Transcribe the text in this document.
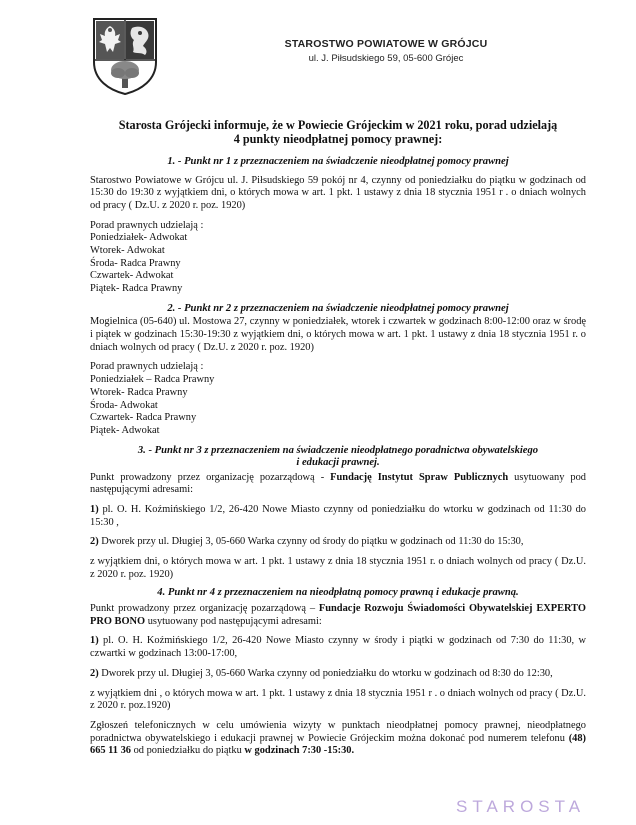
STAROSTWO POWIATOWE W GRÓJCU
ul. J. Piłsudskiego 59, 05-600 Grójec
Starosta Grójecki informuje, że w Powiecie Grójeckim w 2021 roku, porad udzielają
4 punkty nieodpłatnej pomocy prawnej:
1. - Punkt nr 1 z przeznaczeniem na świadczenie nieodpłatnej pomocy prawnej

Starostwo Powiatowe w Grójcu ul. J. Piłsudskiego 59 pokój nr 4, czynny od poniedziałku do piątku w godzinach od 15:30 do 19:30 z wyjątkiem dni, o których mowa w art. 1 pkt. 1 ustawy z dnia 18 stycznia 1951 r . o dniach wolnych od pracy ( Dz.U. z 2020 r. poz. 1920)

Porad prawnych udzielają :
Poniedziałek- Adwokat
Wtorek- Adwokat
Środa- Radca Prawny
Czwartek- Adwokat
Piątek- Radca Prawny
2. - Punkt nr 2 z przeznaczeniem na świadczenie nieodpłatnej pomocy prawnej

Mogielnica (05-640) ul. Mostowa 27, czynny w poniedziałek, wtorek i czwartek w godzinach 8:00-12:00 oraz w środę i piątek w godzinach 15:30-19:30 z wyjątkiem dni, o których mowa w art. 1 pkt. 1 ustawy z dnia 18 stycznia 1951 r. o dniach wolnych od pracy ( Dz.U. z 2020 r. poz. 1920)

Porad prawnych udzielają :
Poniedziałek – Radca Prawny
Wtorek- Radca Prawny
Środa- Adwokat
Czwartek- Radca Prawny
Piątek- Adwokat
3. - Punkt nr 3 z przeznaczeniem na świadczenie nieodpłatnego poradnictwa obywatelskiego
i edukacji prawnej.

Punkt prowadzony przez organizację pozarządową - Fundację Instytut Spraw Publicznych usytuowany pod następującymi adresami:

1) pl. O. H. Koźmińskiego 1/2, 26-420 Nowe Miasto czynny od poniedziałku do wtorku w godzinach od 11:30 do 15:30 ,

2) Dworek przy ul. Długiej 3, 05-660 Warka czynny od środy do piątku w godzinach od 11:30 do 15:30,

z wyjątkiem dni, o których mowa w art. 1 pkt. 1 ustawy z dnia 18 stycznia 1951 r. o dniach wolnych od pracy ( Dz.U. z 2020 r. poz. 1920)

4. Punkt nr 4 z przeznaczeniem na nieodpłatną pomocy prawną i edukacje prawną.

Punkt prowadzony przez organizację pozarządową – Fundacje Rozwoju Świadomości Obywatelskiej EXPERTO PRO BONO usytuowany pod następującymi adresami:

1) pl. O. H. Koźmińskiego 1/2, 26-420 Nowe Miasto czynny w środy i piątki w godzinach od 7:30 do 11:30, w czwartki w godzinach 13:00-17:00,

2) Dworek przy ul. Długiej 3, 05-660 Warka czynny od poniedziałku do wtorku w godzinach od 8:30 do 12:30,

z wyjątkiem dni , o których mowa w art. 1 pkt. 1 ustawy z dnia 18 stycznia 1951 r . o dniach wolnych od pracy ( Dz.U. z 2020 r. poz.1920)

Zgłoszeń telefonicznych w celu umówienia wizyty w punktach nieodpłatnej pomocy prawnej, nieodpłatnego poradnictwa obywatelskiego i edukacji prawnej w Powiecie Grójeckim można dokonać pod numerem telefonu (48) 665 11 36 od poniedziałku do piątku w godzinach 7:30 -15:30.

STAROSTA
